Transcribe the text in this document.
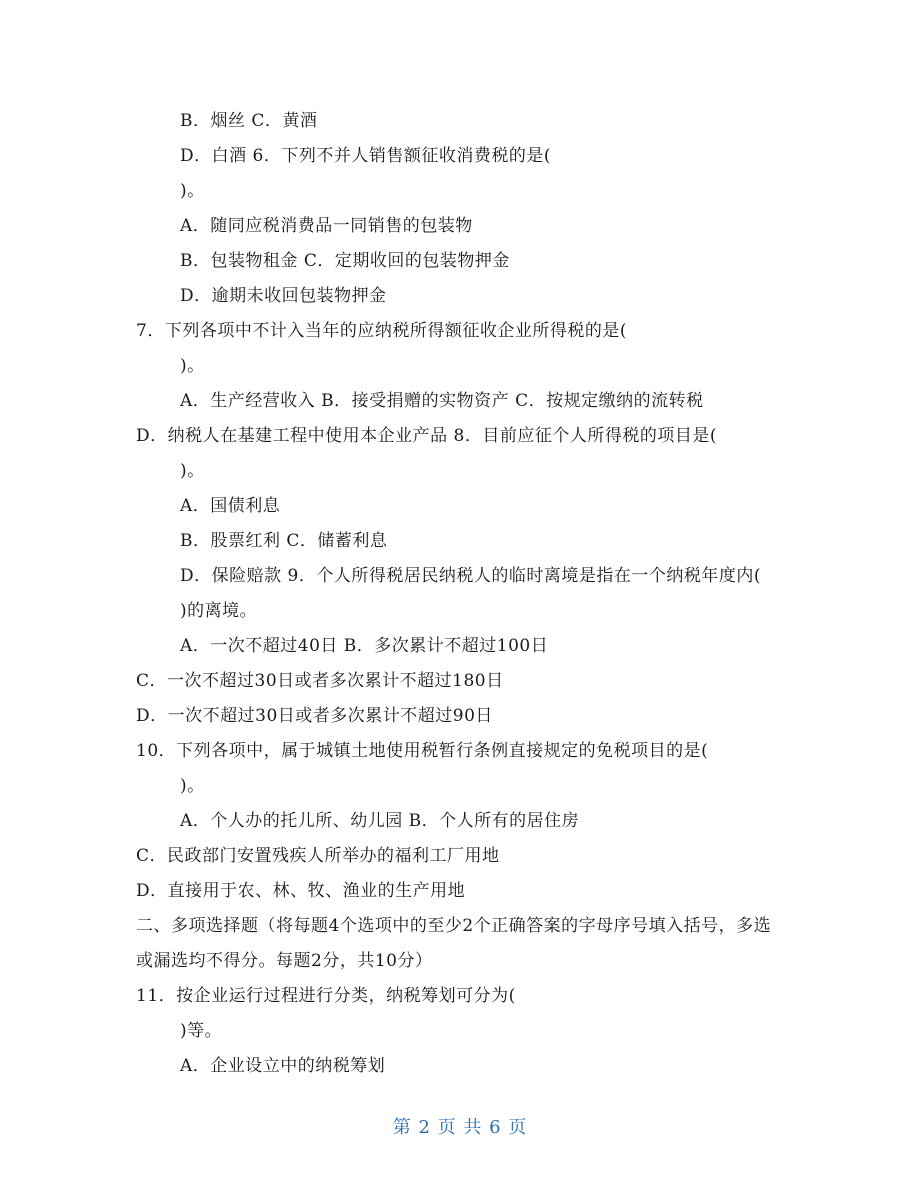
B．烟丝 C．黄酒
D．白酒 6．下列不并人销售额征收消费税的是(
)。
A．随同应税消费品一同销售的包装物
B．包装物租金 C．定期收回的包装物押金
D．逾期未收回包装物押金
7．下列各项中不计入当年的应纳税所得额征收企业所得税的是(
)。
A．生产经营收入 B．接受捐赠的实物资产 C．按规定缴纳的流转税
D．纳税人在基建工程中使用本企业产品 8．目前应征个人所得税的项目是(
)。
A．国债利息
B．股票红利 C．储蓄利息
D．保险赔款 9．个人所得税居民纳税人的临时离境是指在一个纳税年度内(
)的离境。
A．一次不超过40日 B．多次累计不超过100日
C．一次不超过30日或者多次累计不超过180日
D．一次不超过30日或者多次累计不超过90日
10．下列各项中，属于城镇土地使用税暂行条例直接规定的免税项目的是(
)。
A．个人办的托儿所、幼儿园 B．个人所有的居住房
C．民政部门安置残疾人所举办的福利工厂用地
D．直接用于农、林、牧、渔业的生产用地
二、多项选择题（将每题4个选项中的至少2个正确答案的字母序号填入括号，多选
或漏选均不得分。每题2分，共10分）
11．按企业运行过程进行分类，纳税筹划可分为(
)等。
A．企业设立中的纳税筹划
第 2 页 共 6 页
